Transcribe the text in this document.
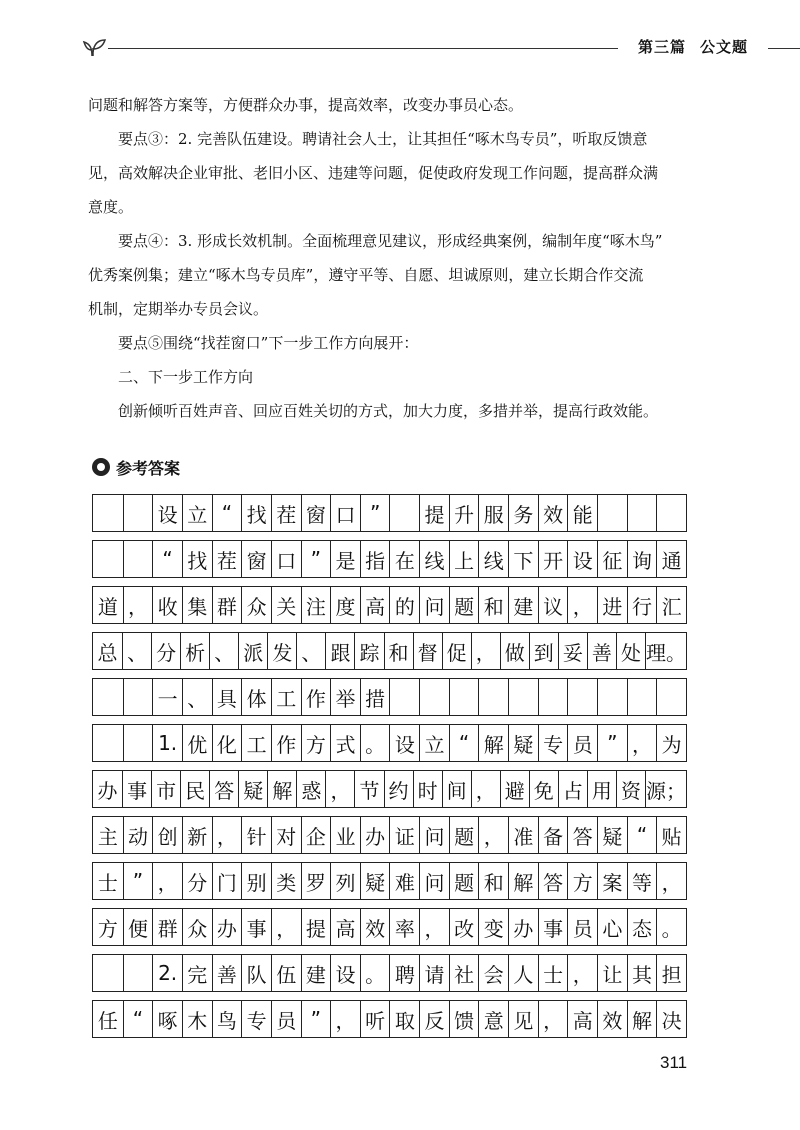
第三篇 公文题

问题和解答方案等，方便群众办事，提高效率，改变办事员心态。

要点③：2. 完善队伍建设。聘请社会人士，让其担任“啄木鸟专员”，听取反馈意

见，高效解决企业审批、老旧小区、违建等问题，促使政府发现工作问题，提高群众满

意度。

要点④：3. 形成长效机制。全面梳理意见建议，形成经典案例，编制年度“啄木鸟”

优秀案例集；建立“啄木鸟专员库”，遵守平等、自愿、坦诚原则，建立长期合作交流

机制，定期举办专员会议。

要点⑤围绕“找茬窗口”下一步工作方向展开：

二、下一步工作方向

创新倾听百姓声音、回应百姓关切的方式，加大力度，多措并举，提高行政效能。

参考答案
设 立 “ 找 茬 窗 口 ”	提 升 服 务 效 能
“ 找 茬 窗 口 ” 是 指 在 线 上 线 下 开 设 征 询 通
道 ， 收 集 群 众 关 注 度 高 的 问 题 和 建 议 ， 进 行 汇
总 、 分 析 、 派 发 、 跟 踪 和 督 促 ， 做 到 妥 善 处 理。
一 、 具 体 工 作 举 措
1. 优 化 工 作 方 式 。 设 立 “ 解 疑 专 员 ” ， 为
办 事 市 民 答 疑 解 惑 ， 节 约 时 间 ， 避 免 占 用 资 源；
主 动 创 新 ， 针 对 企 业 办 证 问 题 ， 准 备 答 疑 “ 贴
士 ” ， 分 门 别 类 罗 列 疑 难 问 题 和 解 答 方 案 等 ，
方 便 群 众 办 事 ， 提 高 效 率 ， 改 变 办 事 员 心 态 。
2. 完 善 队 伍 建 设 。 聘 请 社 会 人 士 ， 让 其 担
任 “ 啄 木 鸟 专 员 ” ， 听 取 反 馈 意 见 ， 高 效 解 决
311
